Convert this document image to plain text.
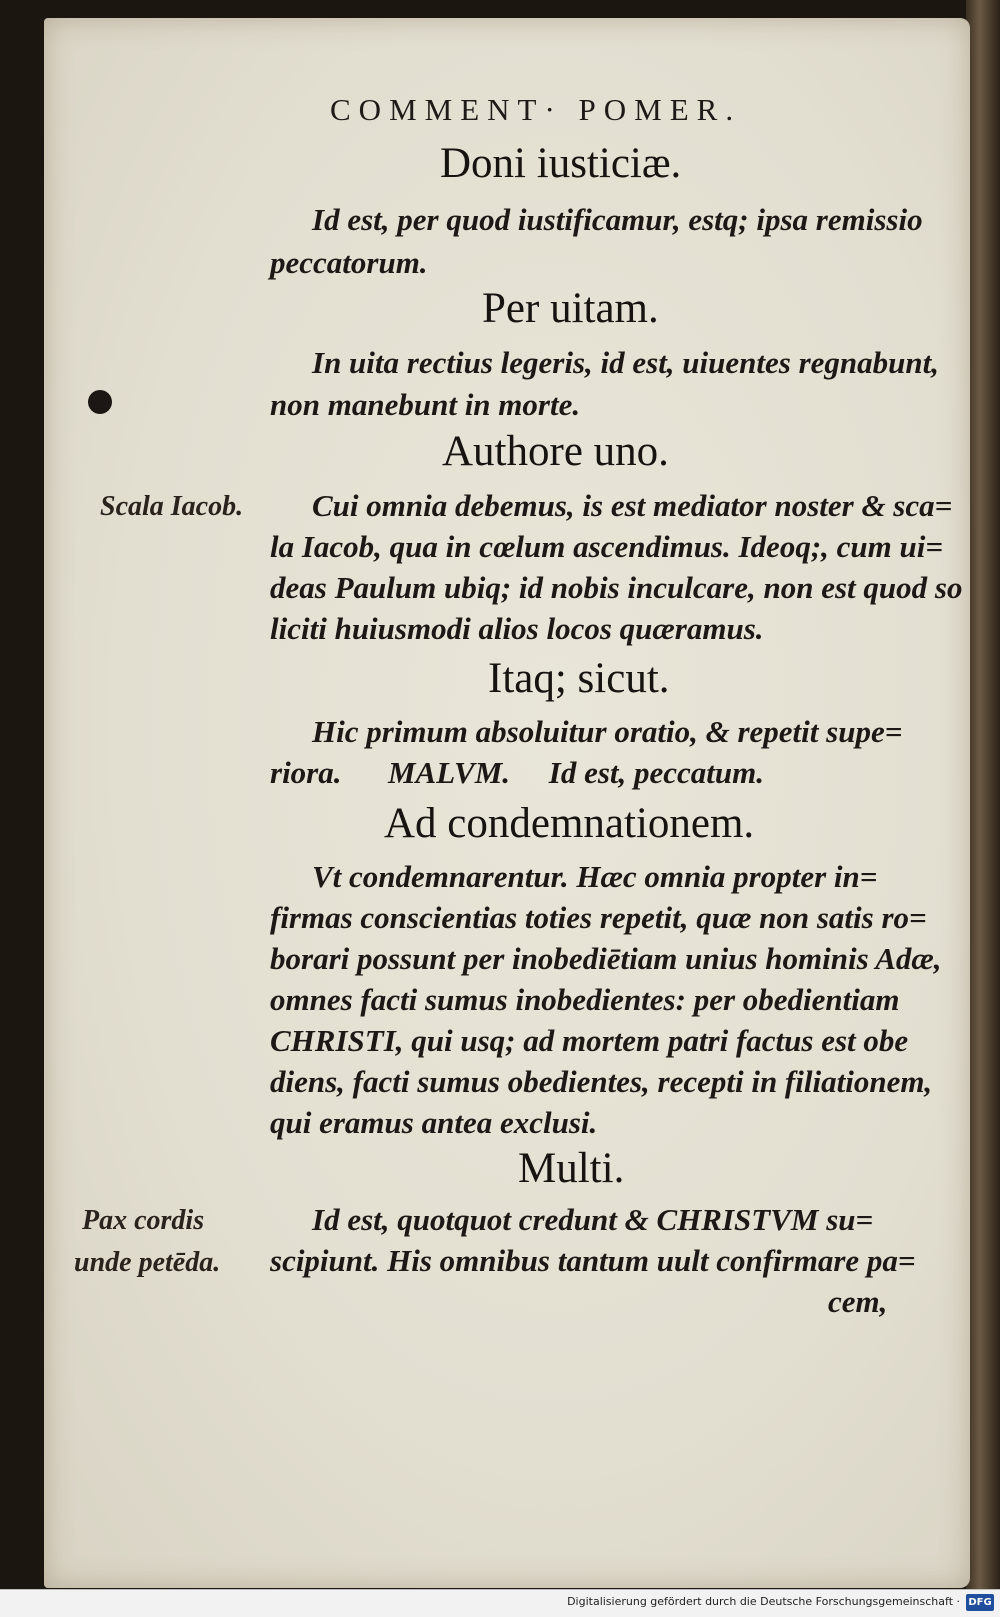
COMMENT· POMER.
Doni iusticiæ.
Id est, per quod iustificamur, estq; ipsa remissio
peccatorum.
Per uitam.
In uita rectius legeris, id est, uiuentes regnabunt,
non manebunt in morte.
Authore uno.
Cui omnia debemus, is est mediator noster & sca=
la Iacob, qua in cœlum ascendimus. Ideoq;, cum ui=
deas Paulum ubiq; id nobis inculcare, non est quod so
liciti huiusmodi alios locos quæramus.
Scala Iacob.
Itaq; sicut.
Hic primum absoluitur oratio, & repetit supe=
riora.      MALVM.     Id est, peccatum.
Ad condemnationem.
Vt condemnarentur. Hæc omnia propter in=
firmas conscientias toties repetit, quæ non satis ro=
borari possunt per inobediētiam unius hominis Adæ,
omnes facti sumus inobedientes: per obedientiam
CHRISTI, qui usq; ad mortem patri factus est obe
diens, facti sumus obedientes, recepti in filiationem,
qui eramus antea exclusi.
Multi.
Id est, quotquot credunt & CHRISTVM su=
scipiunt. His omnibus tantum uult confirmare pa=
cem,
Pax cordis
unde petēda.
Digitalisierung gefördert durch die Deutsche Forschungsgemeinschaft · DFG
